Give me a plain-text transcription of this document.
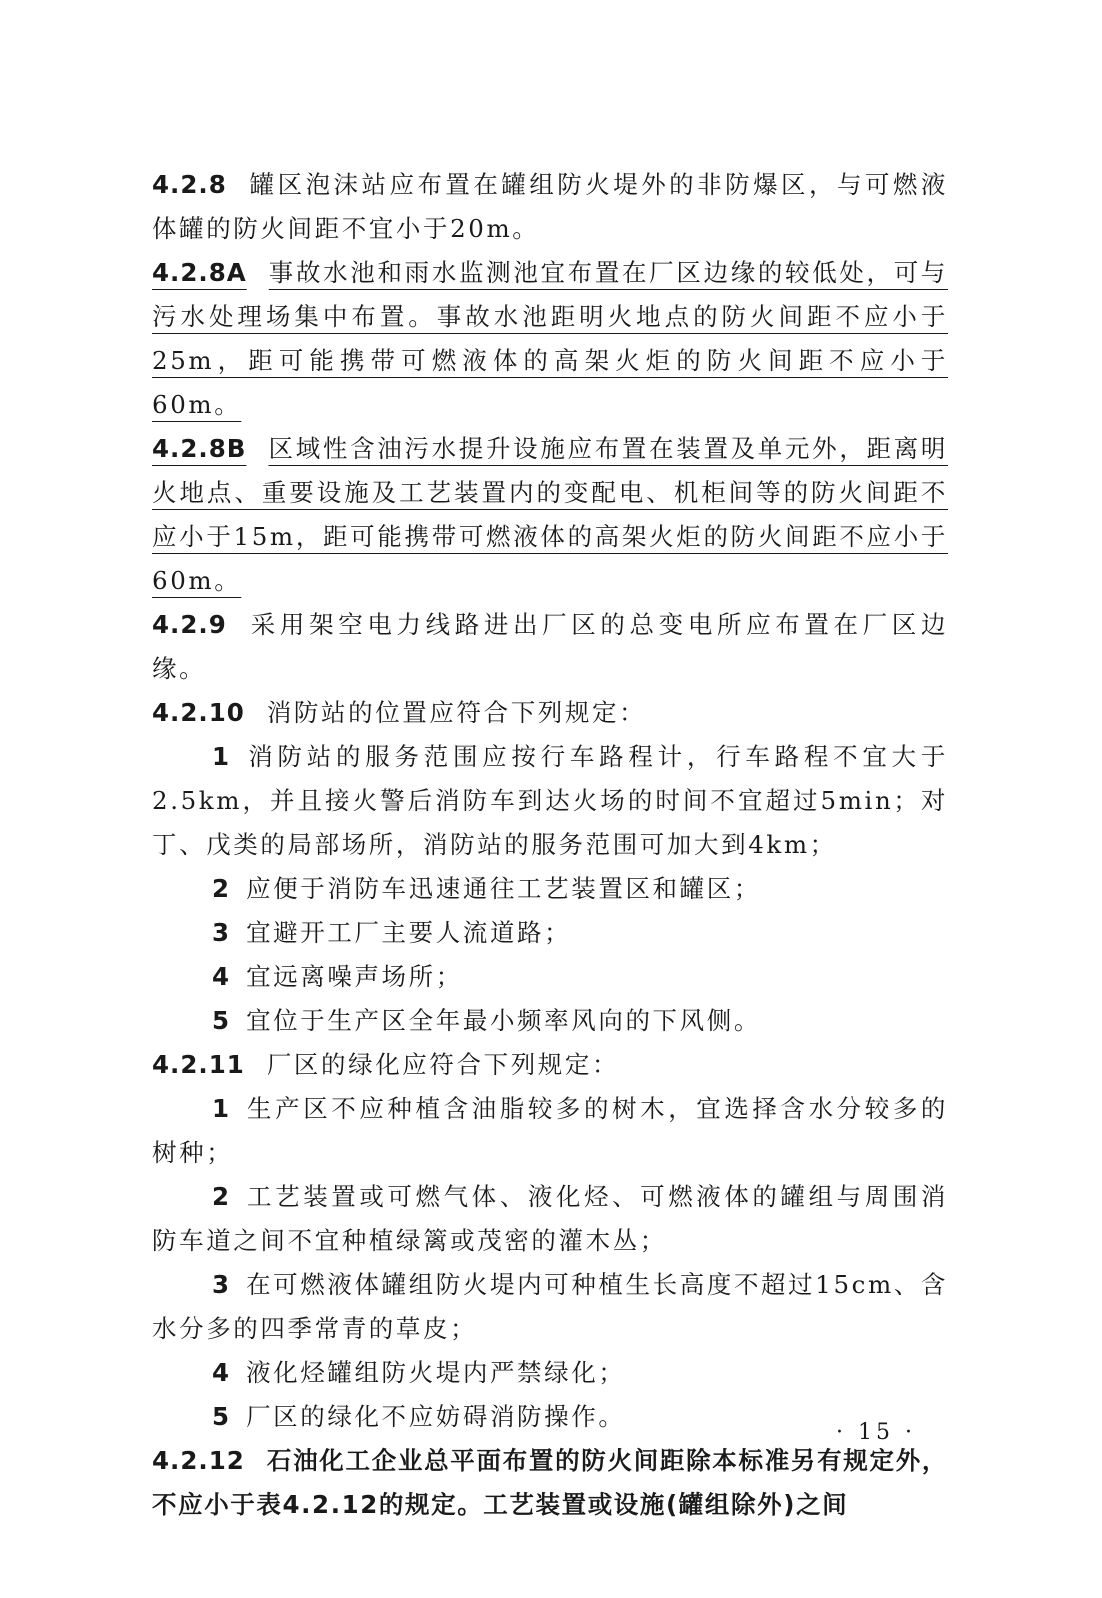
4.2.8 罐区泡沫站应布置在罐组防火堤外的非防爆区，与可燃液体罐的防火间距不宜小于20m。

4.2.8A 事故水池和雨水监测池宜布置在厂区边缘的较低处，可与污水处理场集中布置。事故水池距明火地点的防火间距不应小于25m，距可能携带可燃液体的高架火炬的防火间距不应小于60m。

4.2.8B 区域性含油污水提升设施应布置在装置及单元外，距离明火地点、重要设施及工艺装置内的变配电、机柜间等的防火间距不应小于15m，距可能携带可燃液体的高架火炬的防火间距不应小于60m。

4.2.9 采用架空电力线路进出厂区的总变电所应布置在厂区边缘。

4.2.10 消防站的位置应符合下列规定：

1 消防站的服务范围应按行车路程计，行车路程不宜大于2.5km，并且接火警后消防车到达火场的时间不宜超过5min；对丁、戊类的局部场所，消防站的服务范围可加大到4km；

2 应便于消防车迅速通往工艺装置区和罐区；

3 宜避开工厂主要人流道路；

4 宜远离噪声场所；

5 宜位于生产区全年最小频率风向的下风侧。

4.2.11 厂区的绿化应符合下列规定：

1 生产区不应种植含油脂较多的树木，宜选择含水分较多的树种；

2 工艺装置或可燃气体、液化烃、可燃液体的罐组与周围消防车道之间不宜种植绿篱或茂密的灌木丛；

3 在可燃液体罐组防火堤内可种植生长高度不超过15cm、含水分多的四季常青的草皮；

4 液化烃罐组防火堤内严禁绿化；

5 厂区的绿化不应妨碍消防操作。

4.2.12 石油化工企业总平面布置的防火间距除本标准另有规定外，不应小于表4.2.12的规定。工艺装置或设施(罐组除外)之间

· 15 ·
